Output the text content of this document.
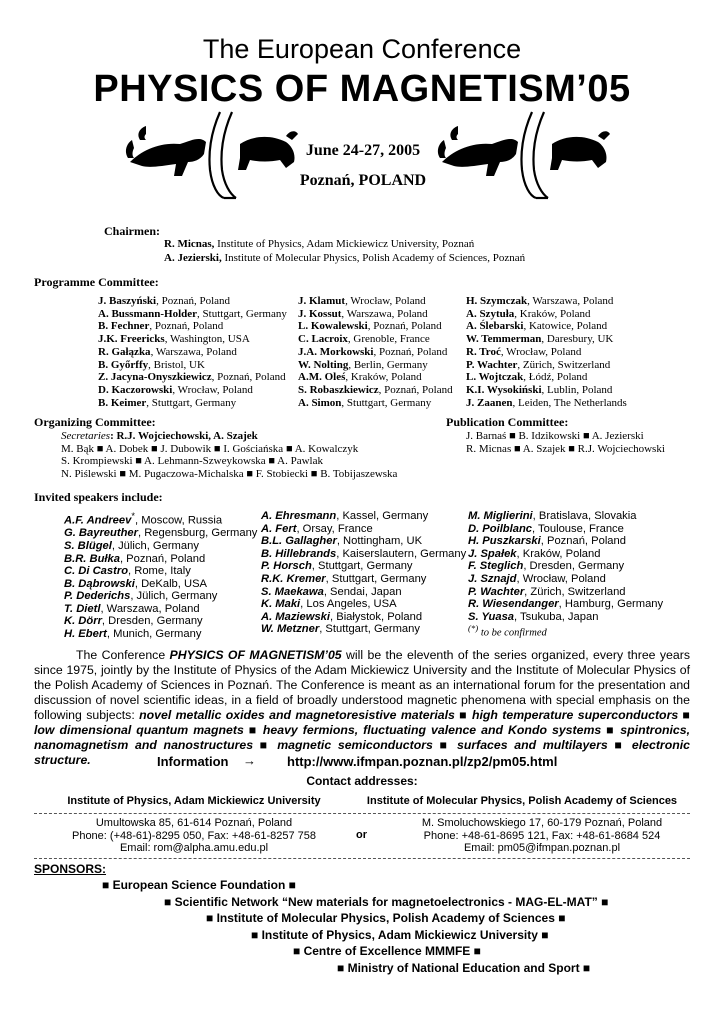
The European Conference
PHYSICS OF MAGNETISM’05
June 24-27, 2005
Poznań, POLAND
Chairmen:
R. Micnas, Institute of Physics, Adam Mickiewicz University, Poznań
A. Jezierski, Institute of Molecular Physics, Polish Academy of Sciences, Poznań
Programme Committee:
J. Baszyński, Poznań, Poland
A. Bussmann-Holder, Stuttgart, Germany
B. Fechner, Poznań, Poland
J.K. Freericks, Washington, USA
R. Gałązka, Warszawa, Poland
B. Győrffy, Bristol, UK
Z. Jacyna-Onyszkiewicz, Poznań, Poland
D. Kaczorowski, Wrocław, Poland
B. Keimer, Stuttgart, Germany
J. Klamut, Wrocław, Poland
J. Kossut, Warszawa, Poland
L. Kowalewski, Poznań, Poland
C. Lacroix, Grenoble, France
J.A. Morkowski, Poznań, Poland
W. Nolting, Berlin, Germany
A.M. Oleś, Kraków, Poland
S. Robaszkiewicz, Poznań, Poland
A. Simon, Stuttgart, Germany
H. Szymczak, Warszawa, Poland
A. Szytuła, Kraków, Poland
A. Ślebarski, Katowice, Poland
W. Temmerman, Daresbury, UK
R. Troć, Wrocław, Poland
P. Wachter, Zürich, Switzerland
L. Wojtczak, Łódź, Poland
K.I. Wysokiński, Lublin, Poland
J. Zaanen, Leiden, The Netherlands
Organizing Committee:
Secretaries: R.J. Wojciechowski, A. Szajek
M. Bąk ■ A. Dobek ■ J. Dubowik ■ I. Gościańska ■ A. Kowalczyk
S. Krompiewski ■ A. Lehmann-Szweykowska ■ A. Pawlak
N. Piślewski ■ M. Pugaczowa-Michalska ■ F. Stobiecki ■ B. Tobijaszewska
Publication Committee:
J. Barnaś ■ B. Idzikowski ■ A. Jezierski
R. Micnas ■ A. Szajek ■ R.J. Wojciechowski
Invited speakers include:
A.F. Andreev*, Moscow, Russia
G. Bayreuther, Regensburg, Germany
S. Blügel, Jülich, Germany
B.R. Bułka, Poznań, Poland
C. Di Castro, Rome, Italy
B. Dąbrowski, DeKalb, USA
P. Dederichs, Jülich, Germany
T. Dietl, Warszawa, Poland
K. Dörr, Dresden, Germany
H. Ebert, Munich, Germany
A. Ehresmann, Kassel, Germany
A. Fert, Orsay, France
B.L. Gallagher, Nottingham, UK
B. Hillebrands, Kaiserslautern, Germany
P. Horsch, Stuttgart, Germany
R.K. Kremer, Stuttgart, Germany
S. Maekawa, Sendai, Japan
K. Maki, Los Angeles, USA
A. Maziewski, Białystok, Poland
W. Metzner, Stuttgart, Germany
M. Miglierini, Bratislava, Slovakia
D. Poilblanc, Toulouse, France
H. Puszkarski, Poznań, Poland
J. Spałek, Kraków, Poland
F. Steglich, Dresden, Germany
J. Sznajd, Wrocław, Poland
P. Wachter, Zürich, Switzerland
R. Wiesendanger, Hamburg, Germany
S. Yuasa, Tsukuba, Japan
(*) to be confirmed
The Conference PHYSICS OF MAGNETISM’05 will be the eleventh of the series organized, every three years since 1975, jointly by the Institute of Physics of the Adam Mickiewicz University and the Institute of Molecular Physics of the Polish Academy of Sciences in Poznań. The Conference is meant as an international forum for the presentation and discussion of novel scientific ideas, in a field of broadly understood magnetic phenomena with special emphasis on the following subjects: novel metallic oxides and magnetoresistive materials ■ high temperature superconductors ■ low dimensional quantum magnets ■ heavy fermions, fluctuating valence and Kondo systems ■ spintronics, nanomagnetism and nanostructures ■ magnetic semiconductors ■ surfaces and multilayers ■ electronic structure.	Information → http://www.ifmpan.poznan.pl/zp2/pm05.html
Contact addresses:
Institute of Physics, Adam Mickiewicz University	Institute of Molecular Physics, Polish Academy of Sciences
Umultowska 85, 61-614 Poznań, Poland
Phone: (+48-61)-8295 050, Fax: +48-61-8257 758
Email: rom@alpha.amu.edu.pl
or
M. Smoluchowskiego 17, 60-179 Poznań, Poland
Phone: +48-61-8695 121, Fax: +48-61-8684 524
Email: pm05@ifmpan.poznan.pl
SPONSORS:
■ European Science Foundation ■
■ Scientific Network “New materials for magnetoelectronics - MAG-EL-MAT” ■
■ Institute of Molecular Physics, Polish Academy of Sciences ■
■ Institute of Physics, Adam Mickiewicz University ■
■ Centre of Excellence MMMFE ■
■ Ministry of National Education and Sport ■
